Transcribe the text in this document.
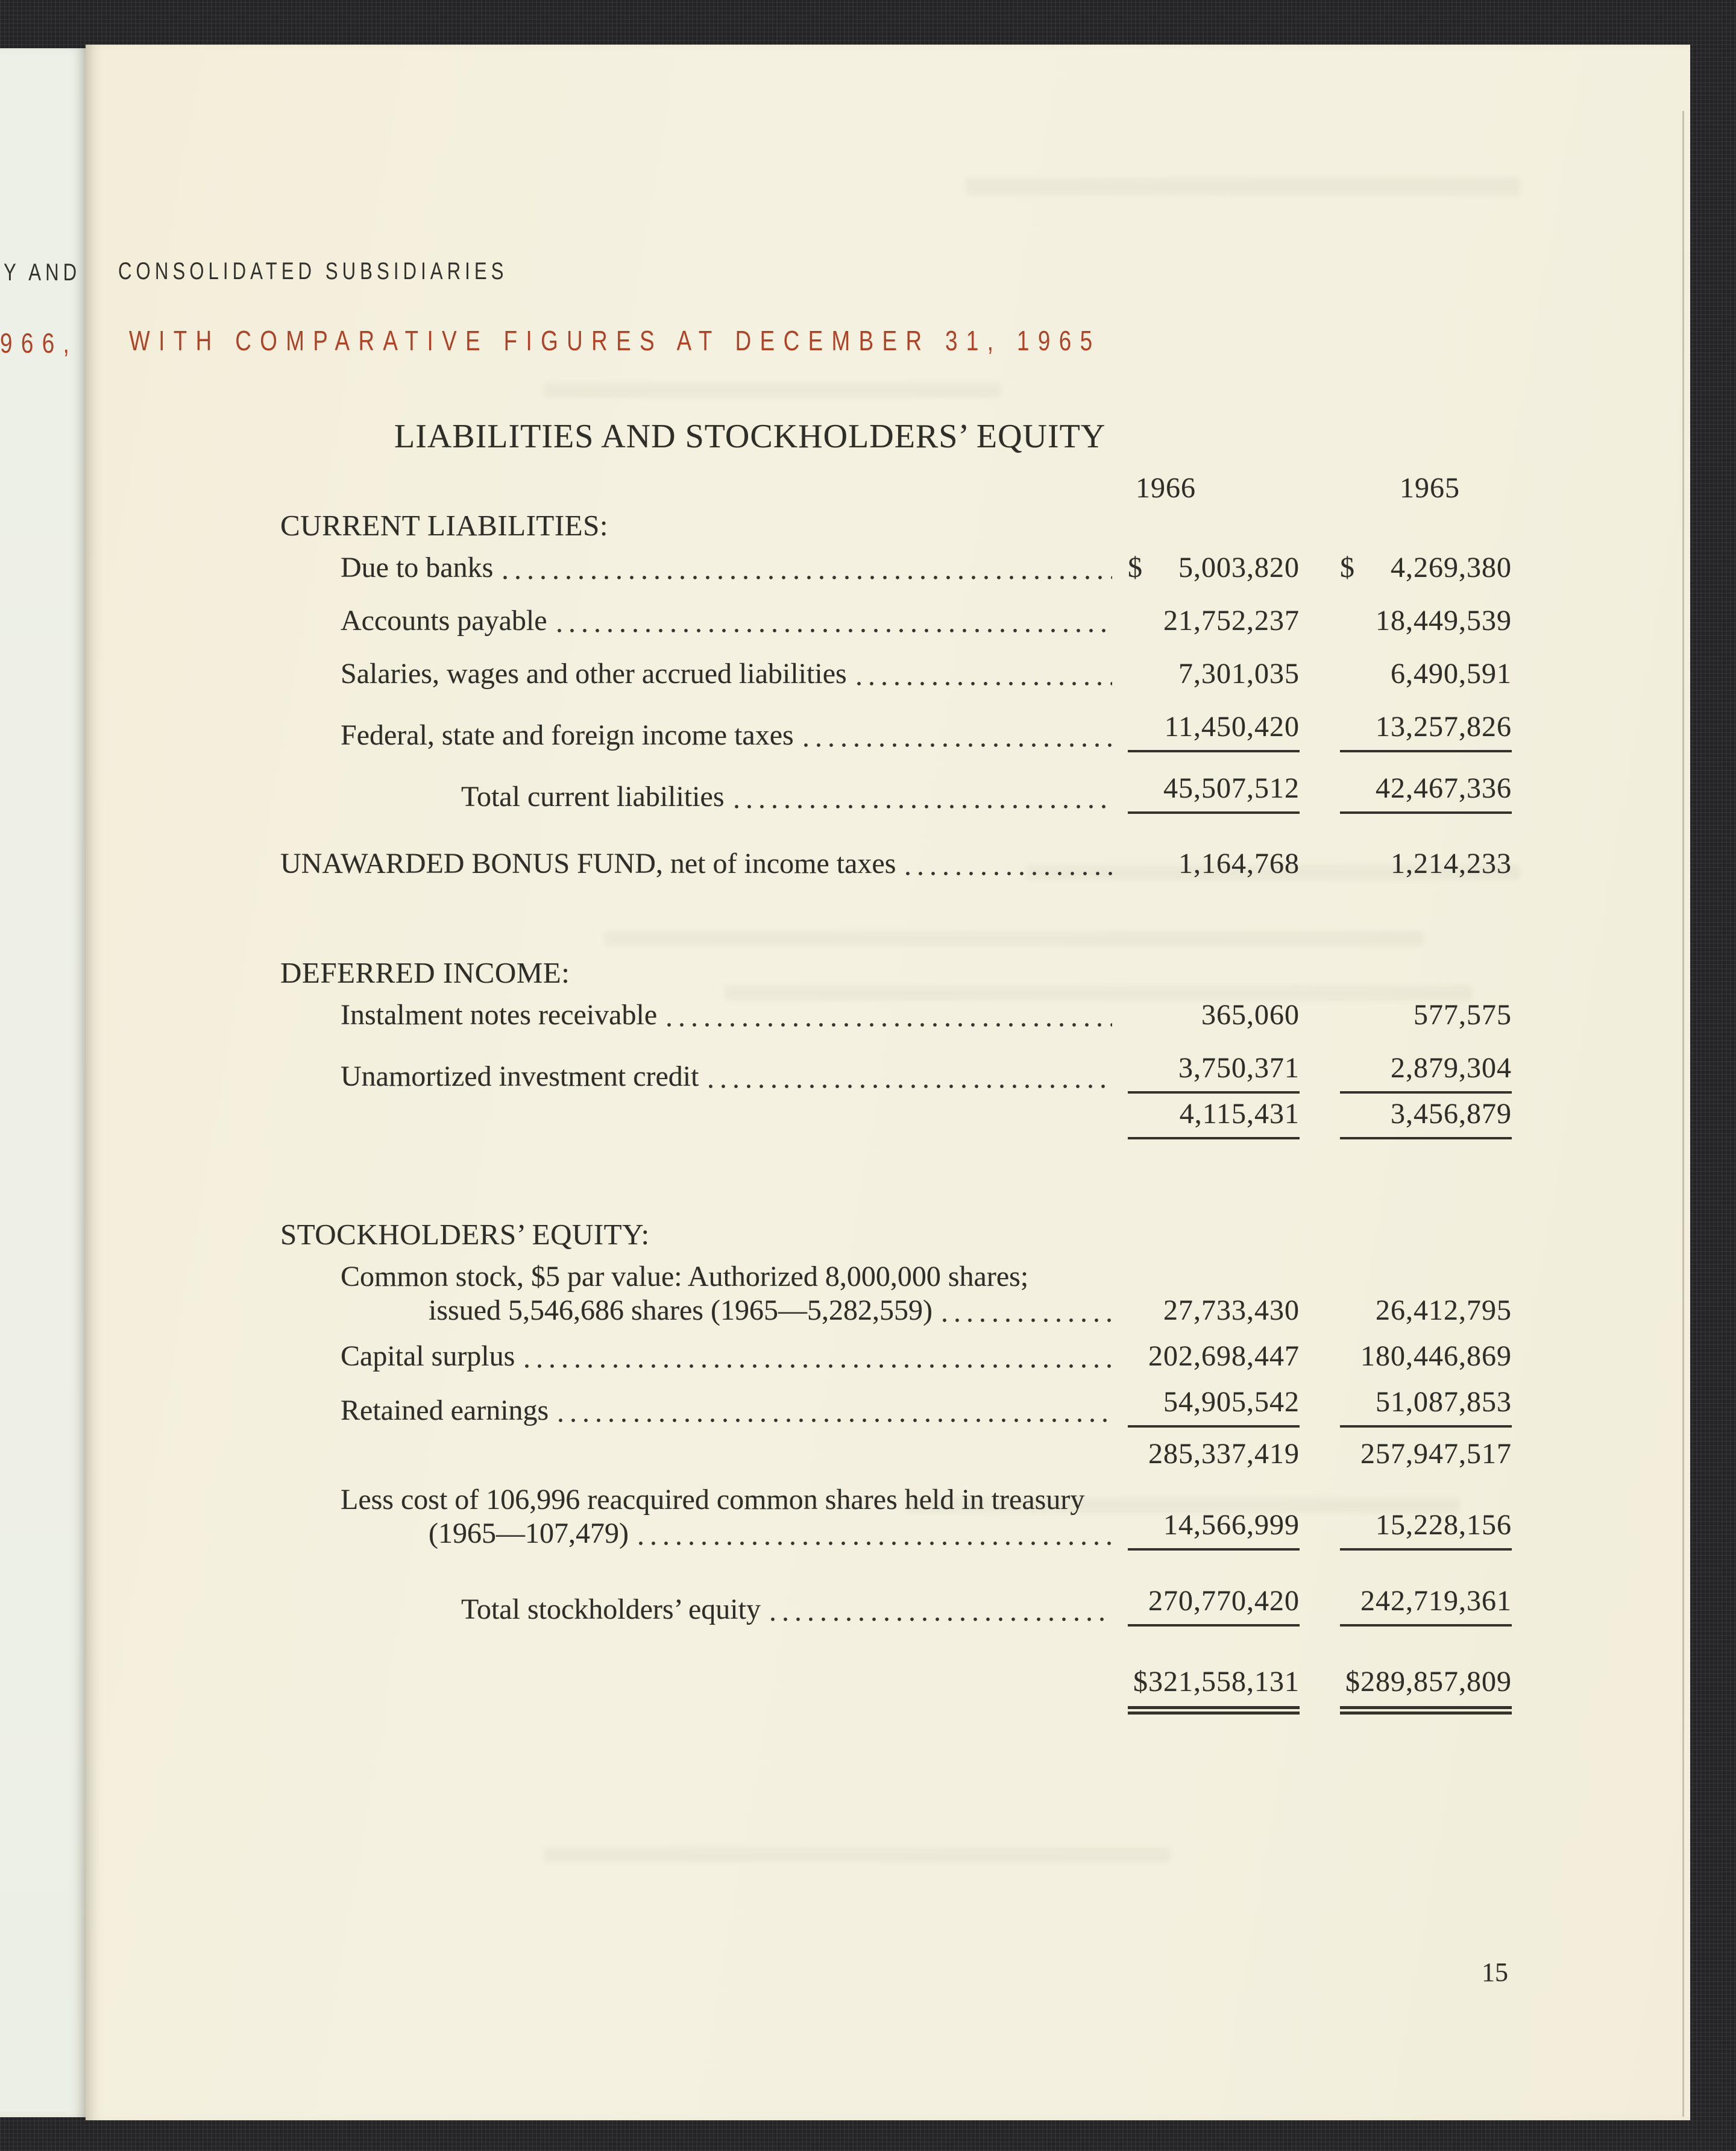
Y AND CONSOLIDATED SUBSIDIARIES
966, WITH COMPARATIVE FIGURES AT DECEMBER 31, 1965
LIABILITIES AND STOCKHOLDERS’ EQUITY
1966	1965
CURRENT LIABILITIES:
Due to banks	$ 5,003,820 $ 4,269,380
Accounts payable	21,752,237	18,449,539
Salaries, wages and other accrued liabilities	7,301,035	6,490,591
Federal, state and foreign income taxes	11,450,420	13,257,826
Total current liabilities	45,507,512	42,467,336
UNAWARDED BONUS FUND, net of income taxes	1,164,768	1,214,233
DEFERRED INCOME:
Instalment notes receivable	365,060	577,575
Unamortized investment credit	3,750,371	2,879,304
4,115,431	3,456,879
STOCKHOLDERS’ EQUITY:
Common stock, $5 par value: Authorized 8,000,000 shares;
issued 5,546,686 shares (1965—5,282,559)	27,733,430	26,412,795
Capital surplus	202,698,447 180,446,869
Retained earnings	54,905,542	51,087,853
285,337,419 257,947,517
Less cost of 106,996 reacquired common shares held in treasury
(1965—107,479)	14,566,999	15,228,156
Total stockholders’ equity	270,770,420 242,719,361
$321,558,131 $289,857,809
15
